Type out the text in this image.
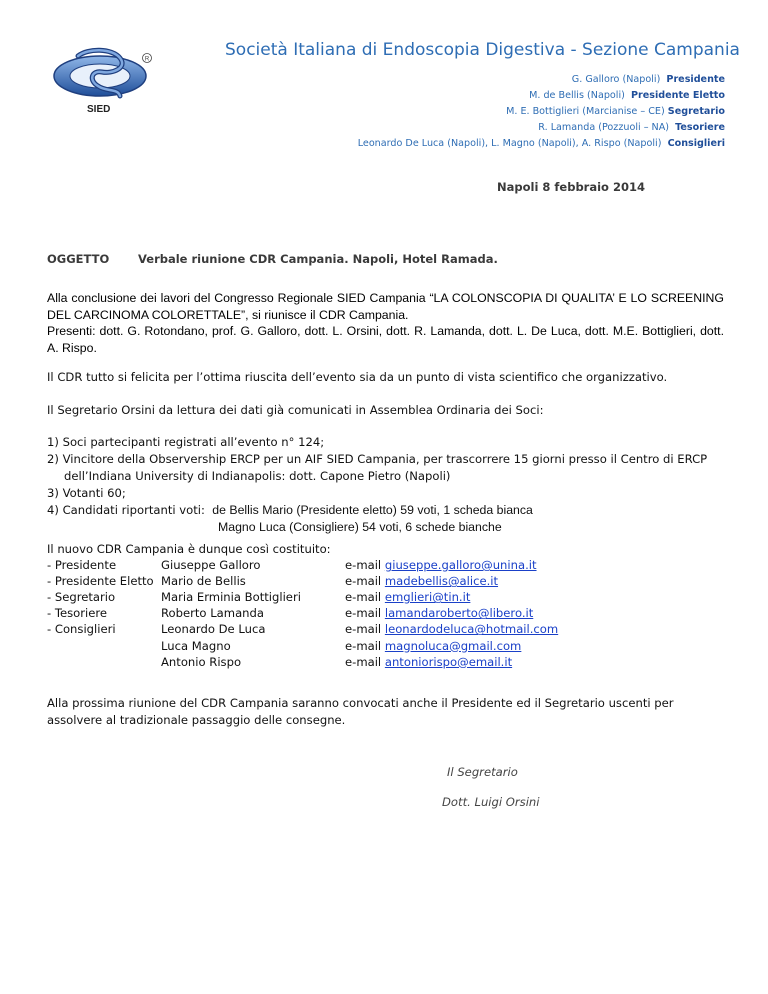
R
SIED
Società Italiana di Endoscopia Digestiva - Sezione Campania
G. Galloro (Napoli) Presidente
M. de Bellis (Napoli) Presidente Eletto
M. E. Bottiglieri (Marcianise – CE) Segretario
R. Lamanda (Pozzuoli – NA) Tesoriere
Leonardo De Luca (Napoli), L. Magno (Napoli), A. Rispo (Napoli) Consiglieri
Napoli 8 febbraio 2014
OGGETTO	Verbale riunione CDR Campania. Napoli, Hotel Ramada.

Alla conclusione dei lavori del Congresso Regionale SIED Campania “LA COLONSCOPIA DI QUALITA’ E LO SCREENING DEL CARCINOMA COLORETTALE”, si riunisce il CDR Campania.

Presenti: dott. G. Rotondano, prof. G. Galloro, dott. L. Orsini, dott. R. Lamanda, dott. L. De Luca, dott. M.E. Bottiglieri, dott. A. Rispo.

Il CDR tutto si felicita per l’ottima riuscita dell’evento sia da un punto di vista scientifico che organizzativo.
Il Segretario Orsini da lettura dei dati già comunicati in Assemblea Ordinaria dei Soci:
1) Soci partecipanti registrati all’evento n° 124;
2) Vincitore della Observership ERCP per un AIF SIED Campania, per trascorrere 15 giorni presso il Centro di ERCP
dell’Indiana University di Indianapolis: dott. Capone Pietro (Napoli)
3) Votanti 60;
4) Candidati riportanti voti: de Bellis Mario (Presidente eletto) 59 voti, 1 scheda bianca
Magno Luca (Consigliere) 54 voti, 6 schede bianche
Il nuovo CDR Campania è dunque così costituito:
- Presidente	Giuseppe Galloro	e-mail giuseppe.galloro@unina.it
- Presidente Eletto Mario de Bellis	e-mail madebellis@alice.it
- Segretario	Maria Erminia Bottiglieri	e-mail emglieri@tin.it
- Tesoriere	Roberto Lamanda	e-mail lamandaroberto@libero.it
- Consiglieri	Leonardo De Luca	e-mail leonardodeluca@hotmail.com
Luca Magno	e-mail magnoluca@gmail.com
Antonio Rispo	e-mail antoniorispo@email.it
Alla prossima riunione del CDR Campania saranno convocati anche il Presidente ed il Segretario uscenti per assolvere al tradizionale passaggio delle consegne.
Il Segretario
Dott. Luigi Orsini
